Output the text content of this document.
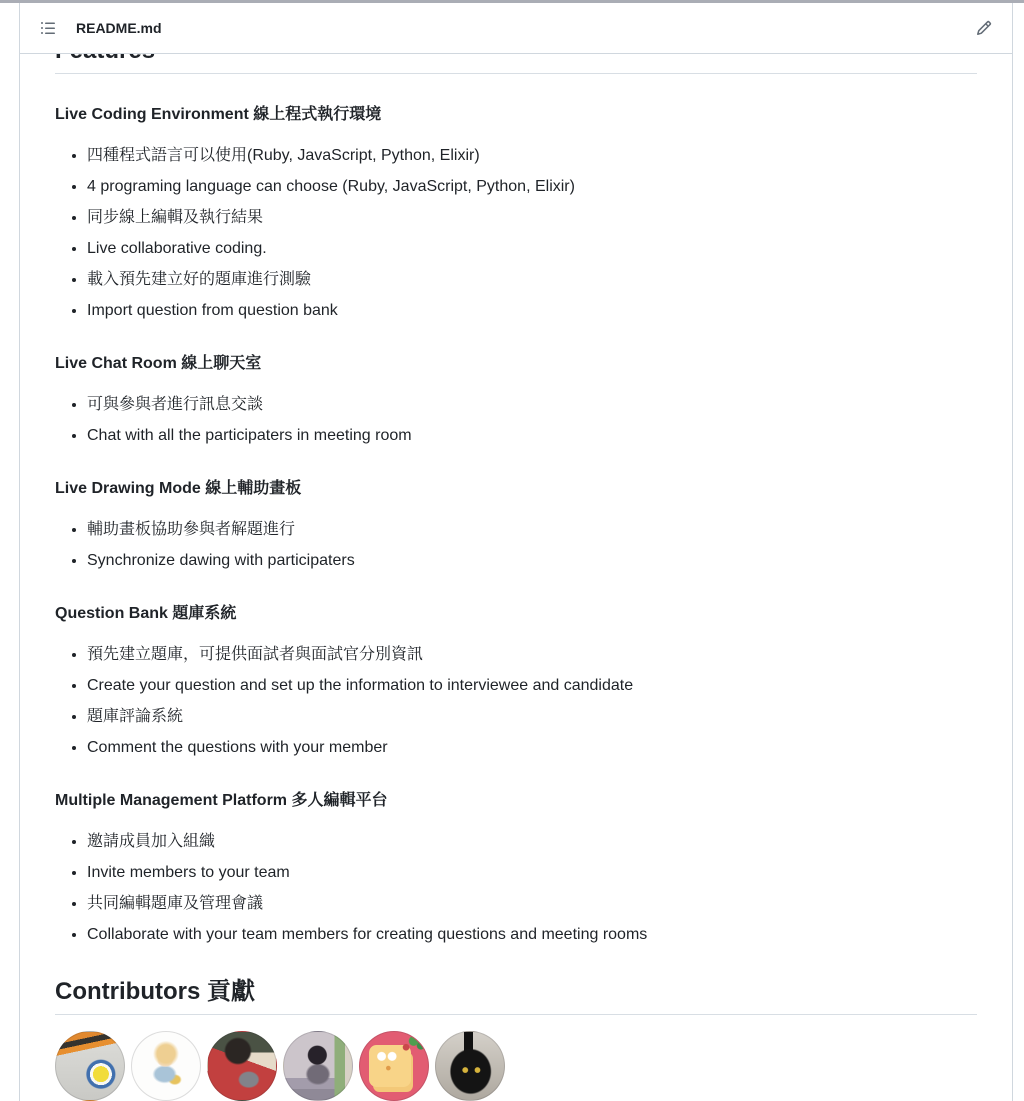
README.md
Live Coding Environment 線上程式執行環境
• 四種程式語言可以使用(Ruby, JavaScript, Python, Elixir)
• 4 programing language can choose (Ruby, JavaScript, Python, Elixir)
• 同步線上編輯及執行結果
• Live collaborative coding.
• 載入預先建立好的題庫進行測驗
• Import question from question bank
Live Chat Room 線上聊天室
• 可與參與者進行訊息交談
• Chat with all the participaters in meeting room
Live Drawing Mode 線上輔助畫板
• 輔助畫板協助參與者解題進行
• Synchronize dawing with participaters
Question Bank 題庫系統
• 預先建立題庫，可提供面試者與面試官分別資訊
• Create your question and set up the information to interviewee and candidate
• 題庫評論系統
• Comment the questions with your member
Multiple Management Platform 多人編輯平台
• 邀請成員加入組織
• Invite members to your team
• 共同編輯題庫及管理會議
• Collaborate with your team members for creating questions and meeting rooms
Contributors 貢獻
